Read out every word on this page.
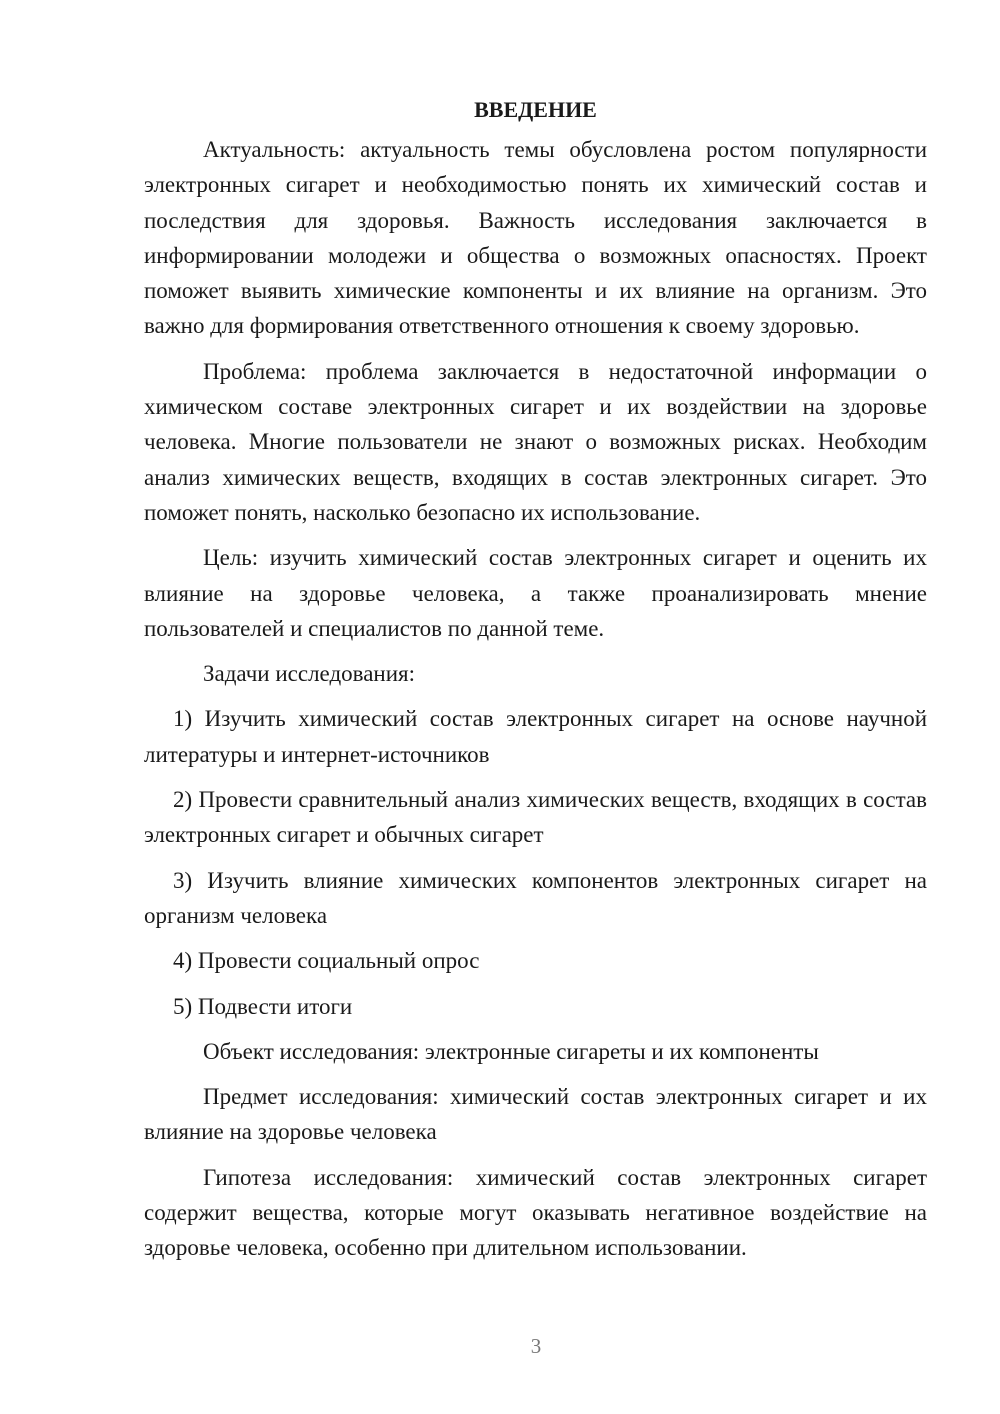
ВВЕДЕНИЕ

Актуальность: актуальность темы обусловлена ростом популярности электронных сигарет и необходимостью понять их химический состав и последствия для здоровья. Важность исследования заключается в информировании молодежи и общества о возможных опасностях. Проект поможет выявить химические компоненты и их влияние на организм. Это важно для формирования ответственного отношения к своему здоровью.

Проблема: проблема заключается в недостаточной информации о химическом составе электронных сигарет и их воздействии на здоровье человека. Многие пользователи не знают о возможных рисках. Необходим анализ химических веществ, входящих в состав электронных сигарет. Это поможет понять, насколько безопасно их использование.

Цель: изучить химический состав электронных сигарет и оценить их влияние на здоровье человека, а также проанализировать мнение пользователей и специалистов по данной теме.

Задачи исследования:

1) Изучить химический состав электронных сигарет на основе научной литературы и интернет-источников

2) Провести сравнительный анализ химических веществ, входящих в состав электронных сигарет и обычных сигарет

3) Изучить влияние химических компонентов электронных сигарет на организм человека

4) Провести социальный опрос

5) Подвести итоги

Объект исследования: электронные сигареты и их компоненты

Предмет исследования: химический состав электронных сигарет и их влияние на здоровье человека

Гипотеза исследования: химический состав электронных сигарет содержит вещества, которые могут оказывать негативное воздействие на здоровье человека, особенно при длительном использовании.

3
